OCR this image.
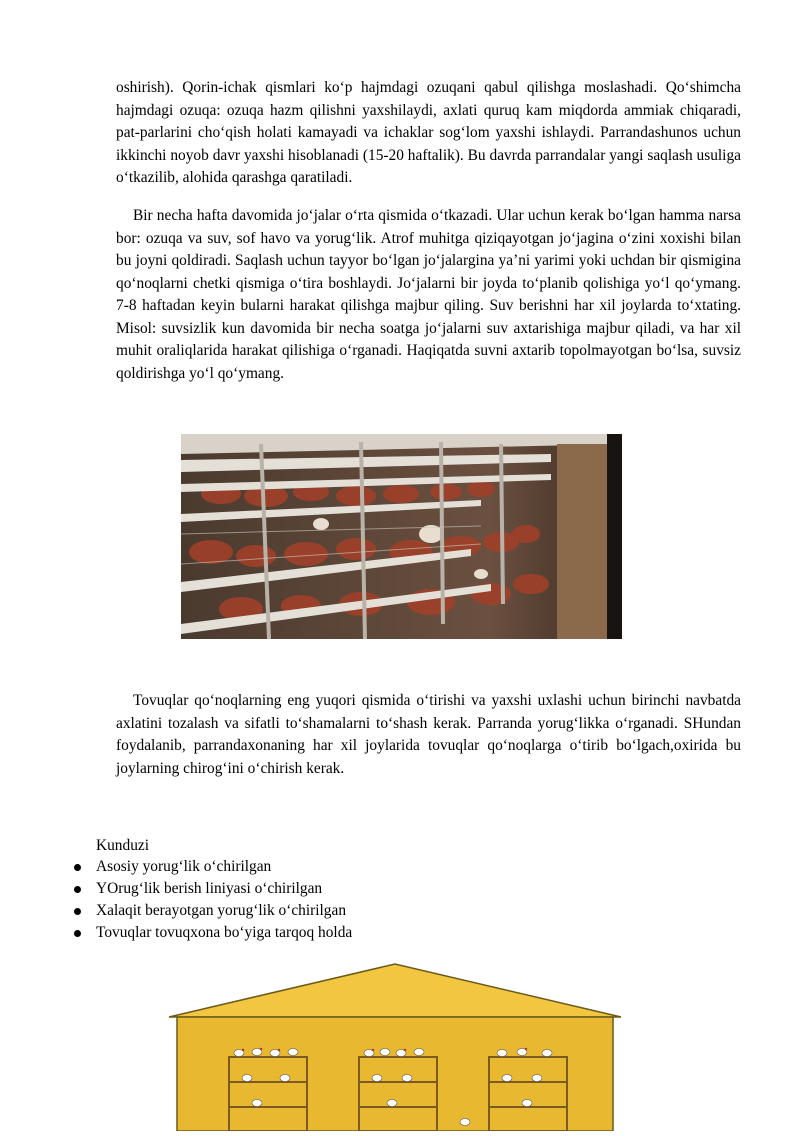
oshirish). Qorin-ichak qismlari ko‘p hajmdagi ozuqani qabul qilishga moslashadi. Qo‘shimcha hajmdagi ozuqa: ozuqa hazm qilishni yaxshilaydi, axlati quruq kam miqdorda ammiak chiqaradi, pat-parlarini cho‘qish holati kamayadi va ichaklar sog‘lom yaxshi ishlaydi. Parrandashunos uchun ikkinchi noyob davr yaxshi hisoblanadi (15-20 haftalik). Bu davrda parrandalar yangi saqlash usuliga o‘tkazilib, alohida qarashga qaratiladi.

Bir necha hafta davomida jo‘jalar o‘rta qismida o‘tkazadi. Ular uchun kerak bo‘lgan hamma narsa bor: ozuqa va suv, sof havo va yorug‘lik. Atrof muhitga qiziqayotgan jo‘jagina o‘zini xoxishi bilan bu joyni qoldiradi. Saqlash uchun tayyor bo‘lgan jo‘jalargina ya’ni yarimi yoki uchdan bir qismigina qo‘noqlarni chetki qismiga o‘tira boshlaydi. Jo‘jalarni bir joyda to‘planib qolishiga yo‘l qo‘ymang. 7-8 haftadan keyin bularni harakat qilishga majbur qiling. Suv berishni har xil joylarda to‘xtating. Misol: suvsizlik kun davomida bir necha soatga jo‘jalarni suv axtarishiga majbur qiladi, va har xil muhit oraliqlarida harakat qilishiga o‘rganadi. Haqiqatda suvni axtarib topolmayotgan bo‘lsa, suvsiz qoldirishga yo‘l qo‘ymang.

Tovuqlar qo‘noqlarning eng yuqori qismida o‘tirishi va yaxshi uxlashi uchun birinchi navbatda axlatini tozalash va sifatli to‘shamalarni to‘shash kerak. Parranda yorug‘likka o‘rganadi. SHundan foydalanib, parrandaxonaning har xil joylarida tovuqlar qo‘noqlarga o‘tirib bo‘lgach,oxirida bu joylarning chirog‘ini o‘chirish kerak.

Kunduzi
Asosiy yorug‘lik o‘chirilgan
YOrug‘lik berish liniyasi o‘chirilgan
Xalaqit berayotgan yorug‘lik o‘chirilgan
Tovuqlar tovuqxona bo‘yiga tarqoq holda
